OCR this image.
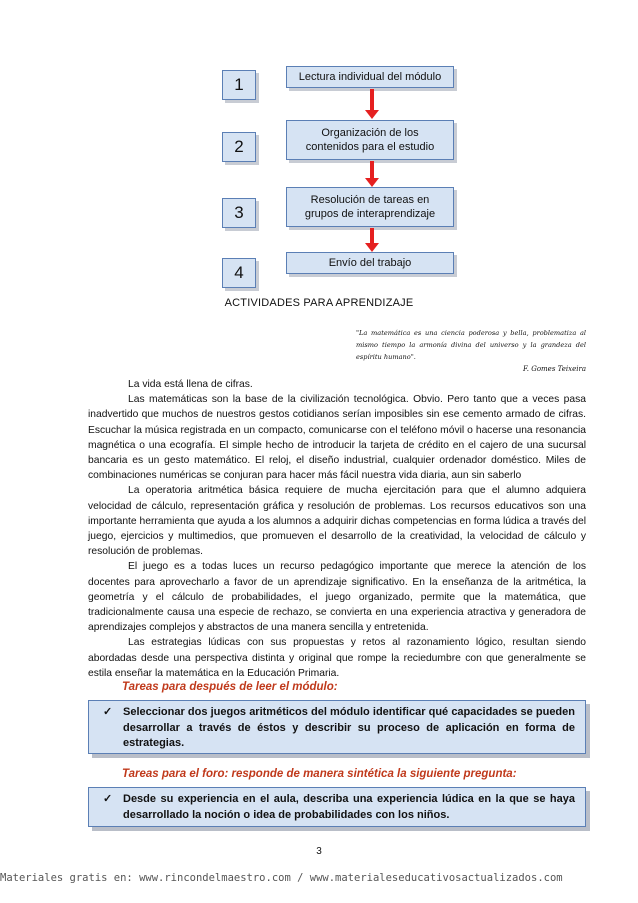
1	Lectura individual del módulo
2
Organización de los contenidos para el estudio
3
Resolución de tareas en grupos de interaprendizaje
4	Envío del trabajo
ACTIVIDADES PARA APRENDIZAJE
"La matemática es una ciencia poderosa y bella, problematiza al mismo tiempo la armonía divina del universo y la grandeza del espíritu humano".
F. Gomes Teixeira

La vida está llena de cifras.

Las matemáticas son la base de la civilización tecnológica. Obvio. Pero tanto que a veces pasa inadvertido que muchos de nuestros gestos cotidianos serían imposibles sin ese cemento armado de cifras. Escuchar la música registrada en un compacto, comunicarse con el teléfono móvil o hacerse una resonancia magnética o una ecografía. El simple hecho de introducir la tarjeta de crédito en el cajero de una sucursal bancaria es un gesto matemático. El reloj, el diseño industrial, cualquier ordenador doméstico. Miles de combinaciones numéricas se conjuran para hacer más fácil nuestra vida diaria, aun sin saberlo

La operatoria aritmética básica requiere de mucha ejercitación para que el alumno adquiera velocidad de cálculo, representación gráfica y resolución de problemas. Los recursos educativos son una importante herramienta que ayuda a los alumnos a adquirir dichas competencias en forma lúdica a través del juego, ejercicios y multimedios, que promueven el desarrollo de la creatividad, la velocidad de cálculo y resolución de problemas.

El juego es a todas luces un recurso pedagógico importante que merece la atención de los docentes para aprovecharlo a favor de un aprendizaje significativo. En la enseñanza de la aritmética, la geometría y el cálculo de probabilidades, el juego organizado, permite que la matemática, que tradicionalmente causa una especie de rechazo, se convierta en una experiencia atractiva y generadora de aprendizajes complejos y abstractos de una manera sencilla y entretenida.

Las estrategias lúdicas con sus propuestas y retos al razonamiento lógico, resultan siendo abordadas desde una perspectiva distinta y original que rompe la reciedumbre con que generalmente se estila enseñar la matemática en la Educación Primaria.

Tareas para después de leer el módulo:
✓ Seleccionar dos juegos aritméticos del módulo identificar qué capacidades se pueden desarrollar a través de éstos y describir su proceso de aplicación en forma de estrategias.
Tareas para el foro: responde de manera sintética la siguiente pregunta:
✓ Desde su experiencia en el aula, describa una experiencia lúdica en la que se haya desarrollado la noción o idea de probabilidades con los niños.
3
Materiales gratis en: www.rincondelmaestro.com / www.materialeseducativosactualizados.com
